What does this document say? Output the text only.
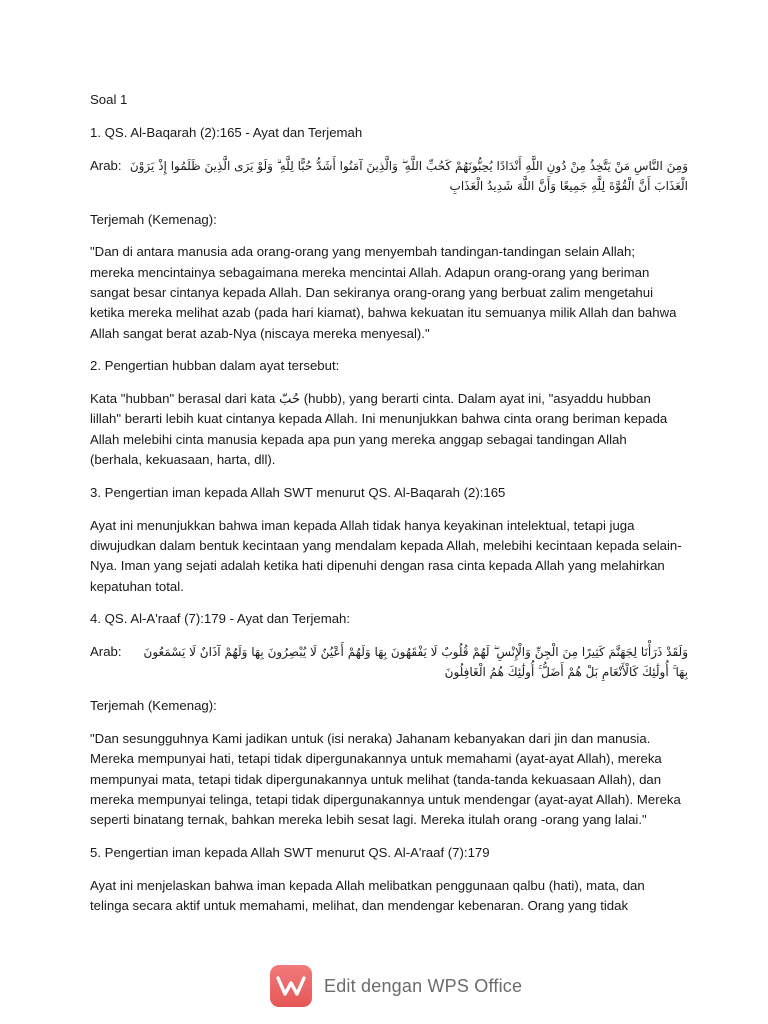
Soal 1

1. QS. Al-Baqarah (2):165 - Ayat dan Terjemah

Arab: وَمِنَ النَّاسِ مَنْ يَتَّخِذُ مِنْ دُونِ اللَّهِ أَنْدَادًا يُحِبُّونَهُمْ كَحُبِّ اللَّهِ ۖ وَالَّذِينَ آمَنُوا أَشَدُّ حُبًّا لِلَّهِ ۗ وَلَوْ يَرَى الَّذِينَ ظَلَمُوا إِذْ يَرَوْنَ الْعَذَابَ أَنَّ الْقُوَّةَ لِلَّهِ جَمِيعًا وَأَنَّ اللَّهَ شَدِيدُ الْعَذَابِ

Terjemah (Kemenag):

"Dan di antara manusia ada orang-orang yang menyembah tandingan-tandingan selain Allah; mereka mencintainya sebagaimana mereka mencintai Allah. Adapun orang-orang yang beriman sangat besar cintanya kepada Allah. Dan sekiranya orang-orang yang berbuat zalim mengetahui ketika mereka melihat azab (pada hari kiamat), bahwa kekuatan itu semuanya milik Allah dan bahwa Allah sangat berat azab-Nya (niscaya mereka menyesal)."

2. Pengertian hubban dalam ayat tersebut:

Kata "hubban" berasal dari kata حُبّ (hubb), yang berarti cinta. Dalam ayat ini, "asyaddu hubban lillah" berarti lebih kuat cintanya kepada Allah. Ini menunjukkan bahwa cinta orang beriman kepada Allah melebihi cinta manusia kepada apa pun yang mereka anggap sebagai tandingan Allah (berhala, kekuasaan, harta, dll).

3. Pengertian iman kepada Allah SWT menurut QS. Al-Baqarah (2):165

Ayat ini menunjukkan bahwa iman kepada Allah tidak hanya keyakinan intelektual, tetapi juga diwujudkan dalam bentuk kecintaan yang mendalam kepada Allah, melebihi kecintaan kepada selain-Nya. Iman yang sejati adalah ketika hati dipenuhi dengan rasa cinta kepada Allah yang melahirkan kepatuhan total.

4. QS. Al-A'raaf (7):179 - Ayat dan Terjemah:

Arab:	وَلَقَدْ ذَرَأْنَا لِجَهَنَّمَ كَثِيرًا مِنَ الْجِنِّ وَالْإِنْسِ ۖ لَهُمْ قُلُوبٌ لَا يَفْقَهُونَ بِهَا وَلَهُمْ أَعْيُنٌ لَا يُبْصِرُونَ بِهَا وَلَهُمْ آذَانٌ لَا يَسْمَعُونَ بِهَا ۚ أُولَٰئِكَ كَالْأَنْعَامِ بَلْ هُمْ أَضَلُّ ۚ أُولَٰئِكَ هُمُ الْغَافِلُونَ

Terjemah (Kemenag):

"Dan sesungguhnya Kami jadikan untuk (isi neraka) Jahanam kebanyakan dari jin dan manusia. Mereka mempunyai hati, tetapi tidak dipergunakannya untuk memahami (ayat-ayat Allah), mereka mempunyai mata, tetapi tidak dipergunakannya untuk melihat (tanda-tanda kekuasaan Allah), dan mereka mempunyai telinga, tetapi tidak dipergunakannya untuk mendengar (ayat-ayat Allah). Mereka seperti binatang ternak, bahkan mereka lebih sesat lagi. Mereka itulah orang -orang yang lalai."

5. Pengertian iman kepada Allah SWT menurut QS. Al-A'raaf (7):179

Ayat ini menjelaskan bahwa iman kepada Allah melibatkan penggunaan qalbu (hati), mata, dan telinga secara aktif untuk memahami, melihat, dan mendengar kebenaran. Orang yang tidak

Edit dengan WPS Office
